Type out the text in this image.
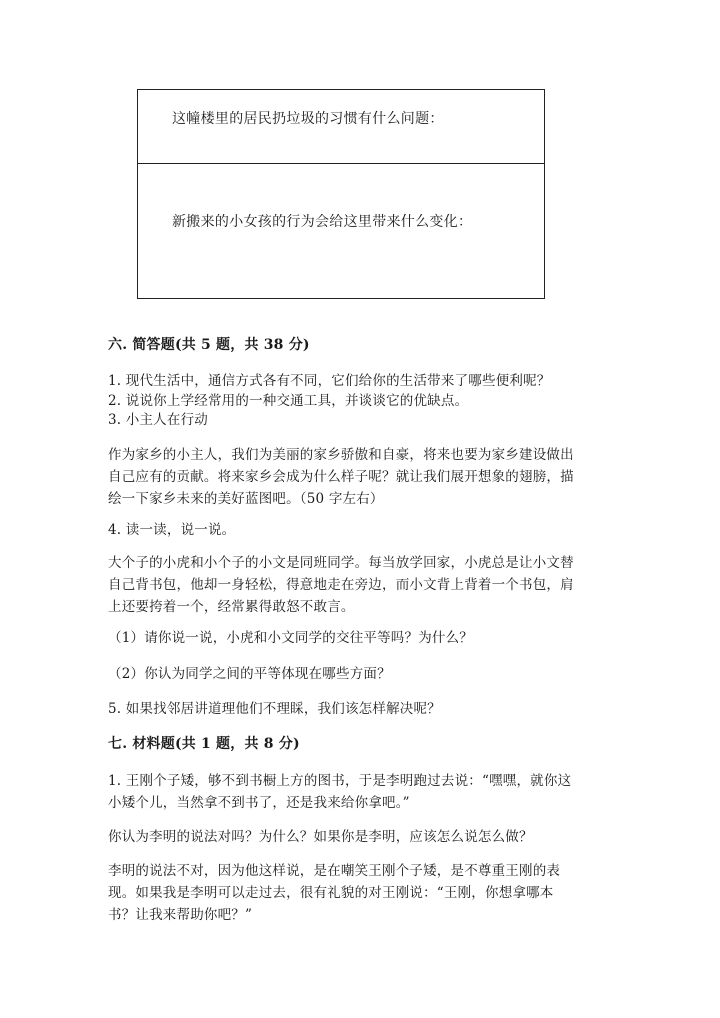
这幢楼里的居民扔垃圾的习惯有什么问题：
新搬来的小女孩的行为会给这里带来什么变化：
六. 简答题(共 5 题，共 38 分)
1. 现代生活中，通信方式各有不同，它们给你的生活带来了哪些便利呢？
2. 说说你上学经常用的一种交通工具，并谈谈它的优缺点。
3. 小主人在行动
作为家乡的小主人，我们为美丽的家乡骄傲和自豪，将来也要为家乡建设做出
自己应有的贡献。将来家乡会成为什么样子呢？就让我们展开想象的翅膀，描
绘一下家乡未来的美好蓝图吧。（50 字左右）
4. 读一读，说一说。
大个子的小虎和小个子的小文是同班同学。每当放学回家，小虎总是让小文替
自己背书包，他却一身轻松，得意地走在旁边，而小文背上背着一个书包，肩
上还要挎着一个，经常累得敢怒不敢言。
（1）请你说一说，小虎和小文同学的交往平等吗？为什么？
（2）你认为同学之间的平等体现在哪些方面？
5. 如果找邻居讲道理他们不理睬，我们该怎样解决呢？
七. 材料题(共 1 题，共 8 分)
1. 王刚个子矮，够不到书橱上方的图书，于是李明跑过去说：“嘿嘿，就你这
小矮个儿，当然拿不到书了，还是我来给你拿吧。”
你认为李明的说法对吗？为什么？如果你是李明，应该怎么说怎么做？
李明的说法不对，因为他这样说，是在嘲笑王刚个子矮，是不尊重王刚的表
现。如果我是李明可以走过去，很有礼貌的对王刚说：“王刚，你想拿哪本
书？让我来帮助你吧？”
